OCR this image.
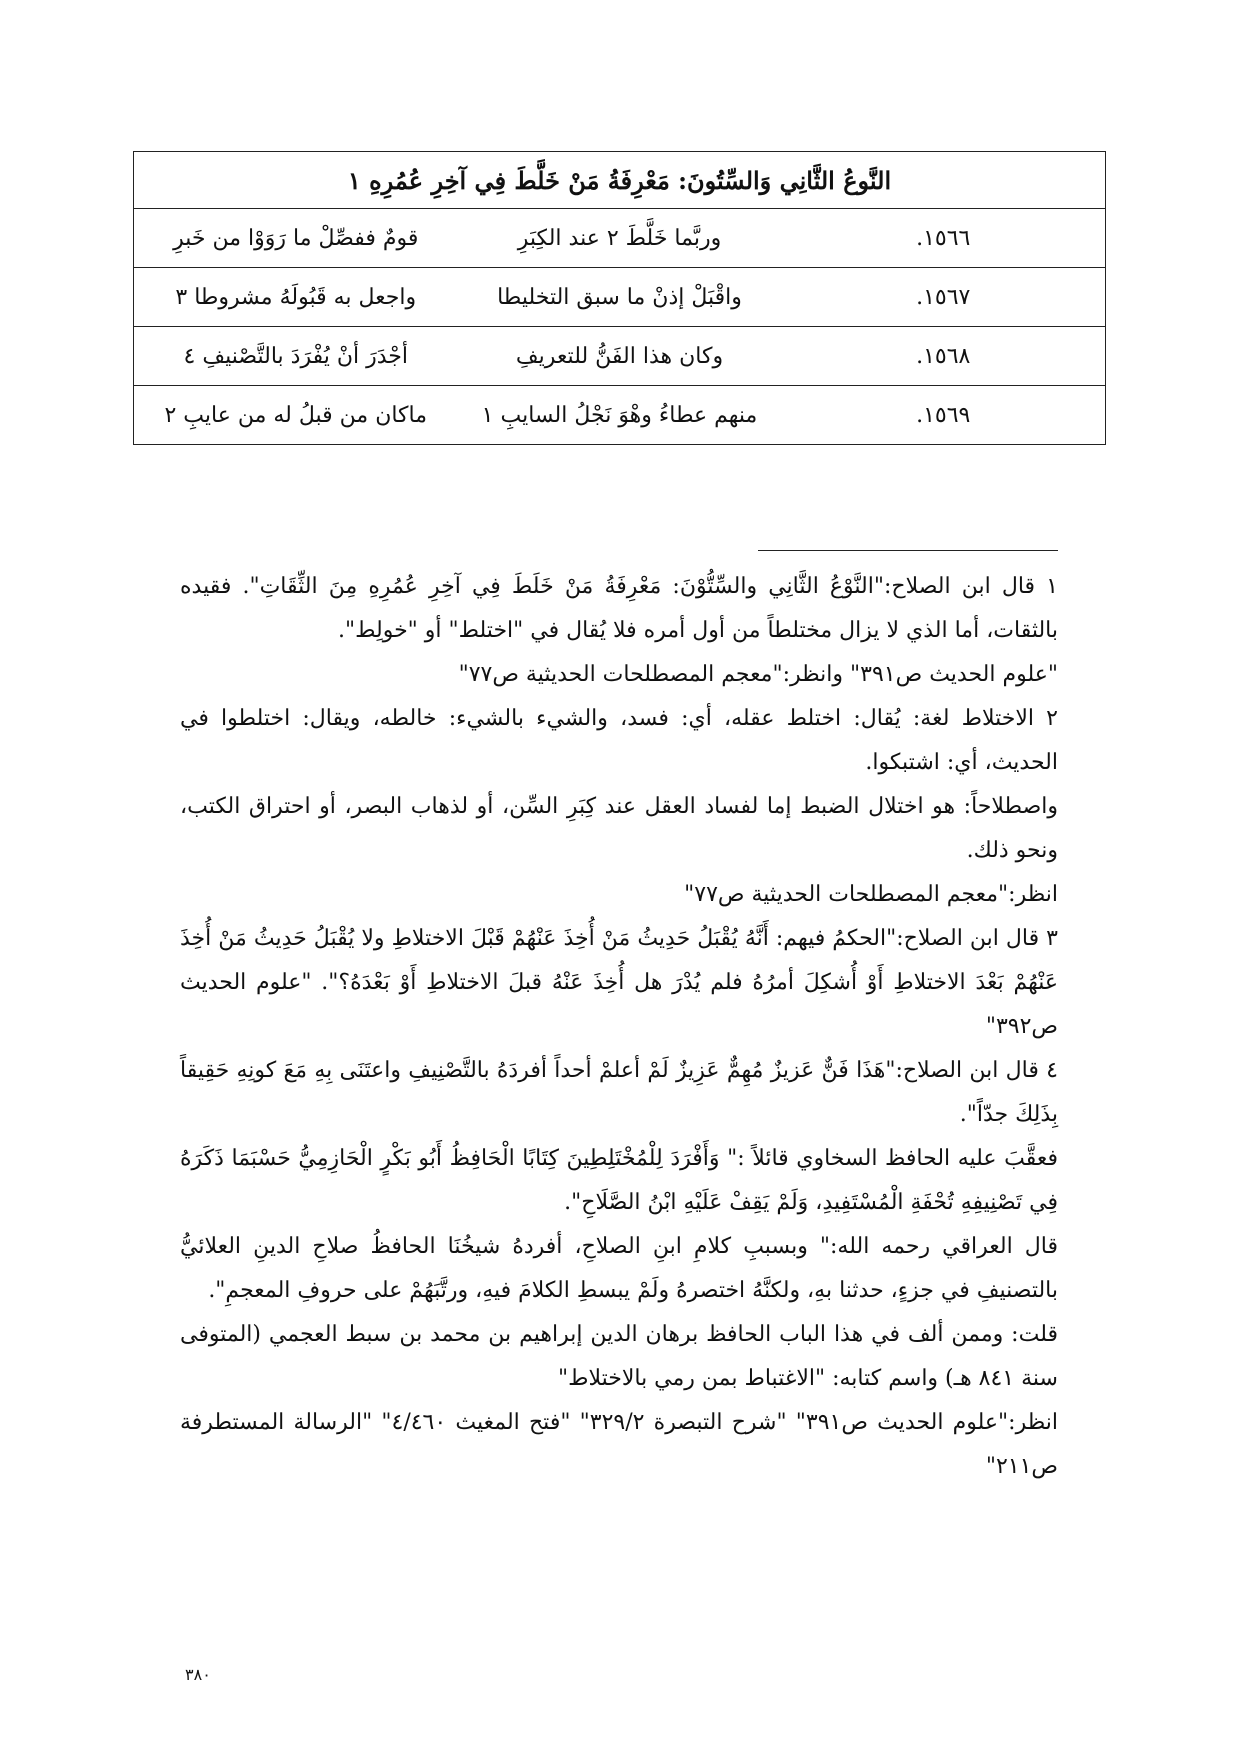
النَّوعُ الثَّانِي وَالسِّتُونَ: مَعْرِفَةُ مَنْ خَلَّطَ فِي آخِرِ عُمُرِهِ ١		
١٥٦٦.	وربَّما خَلَّطَ ٢ عند الكِبَرِ	قومٌ ففصِّلْ ما رَوَوْا من خَبرِ
١٥٦٧.	واقْبَلْ إذنْ ما سبق التخليطا	واجعل به قَبُولَهُ مشروطا ٣
١٥٦٨.	وكان هذا الفَنُّ للتعريفِ	أجْدَرَ أنْ يُفْرَدَ بالتَّصْنيفِ ٤
١٥٦٩.	منهم عطاءُ وهْوَ نَجْلُ السايبِ ١	ماكان من قبلُ له من عايبِ ٢

١ قال ابن الصلاح:"النَّوْعُ الثَّانِي والسِّتُّوْنَ: مَعْرِفَةُ مَنْ خَلَطَ فِي آخِرِ عُمُرِهِ مِنَ الثِّقَاتِ". فقيده بالثقات، أما الذي لا يزال مختلطاً من أول أمره فلا يُقال في "اختلط" أو "خولِط".

"علوم الحديث ص٣٩١" وانظر:"معجم المصطلحات الحديثية ص٧٧"

٢ الاختلاط لغة: يُقال: اختلط عقله، أي: فسد، والشيء بالشيء: خالطه، ويقال: اختلطوا في الحديث، أي: اشتبكوا.

واصطلاحاً: هو اختلال الضبط إما لفساد العقل عند كِبَرِ السِّن، أو لذهاب البصر، أو احتراق الكتب، ونحو ذلك.

انظر:"معجم المصطلحات الحديثية ص٧٧"

٣ قال ابن الصلاح:"الحكمُ فيهم: أَنَّهُ يُقْبَلُ حَدِيثُ مَنْ أُخِذَ عَنْهُمْ قَبْلَ الاختلاطِ ولا يُقْبَلُ حَدِيثُ مَنْ أُخِذَ عَنْهُمْ بَعْدَ الاختلاطِ أَوْ أُشكِلَ أمرُهُ فلم يُدْرَ هل أُخِذَ عَنْهُ قبلَ الاختلاطِ أَوْ بَعْدَهُ؟". "علوم الحديث ص٣٩٢"

٤ قال ابن الصلاح:"هَذَا فَنٌّ عَزيزٌ مُهِمٌّ عَزِيزٌ لَمْ أعلمْ أحداً أفردَهُ بالتَّصْنِيفِ واعتَنَى بِهِ مَعَ كونِهِ حَقِيقاً بِذَلِكَ جدّاً".

فعقَّبَ عليه الحافظ السخاوي قائلاً :" وَأَفْرَدَ لِلْمُخْتَلِطِينَ كِتَابًا الْحَافِظُ أَبُو بَكْرٍ الْحَازِمِيُّ حَسْبَمَا ذَكَرَهُ فِي تَصْنِيفِهِ تُحْفَةِ الْمُسْتَفِيدِ، وَلَمْ يَقِفْ عَلَيْهِ ابْنُ الصَّلَاحِ".

قال العراقي رحمه الله:" وبسببِ كلامِ ابنِ الصلاحِ، أفردهُ شيخُنَا الحافظُ صلاحِ الدينِ العلائيُّ بالتصنيفِ في جزءٍ، حدثنا بهِ، ولكنَّهُ اختصرهُ ولَمْ يبسطِ الكلامَ فيهِ، ورتَّبَهُمْ على حروفِ المعجمِ".

قلت: وممن ألف في هذا الباب الحافظ برهان الدين إبراهيم بن محمد بن سبط العجمي (المتوفى سنة ٨٤١ هـ) واسم كتابه: "الاغتباط بمن رمي بالاختلاط"

انظر:"علوم الحديث ص٣٩١" "شرح التبصرة ٣٢٩/٢" "فتح المغيث ٤/٤٦٠" "الرسالة المستطرفة ص٢١١"

٣٨٠
